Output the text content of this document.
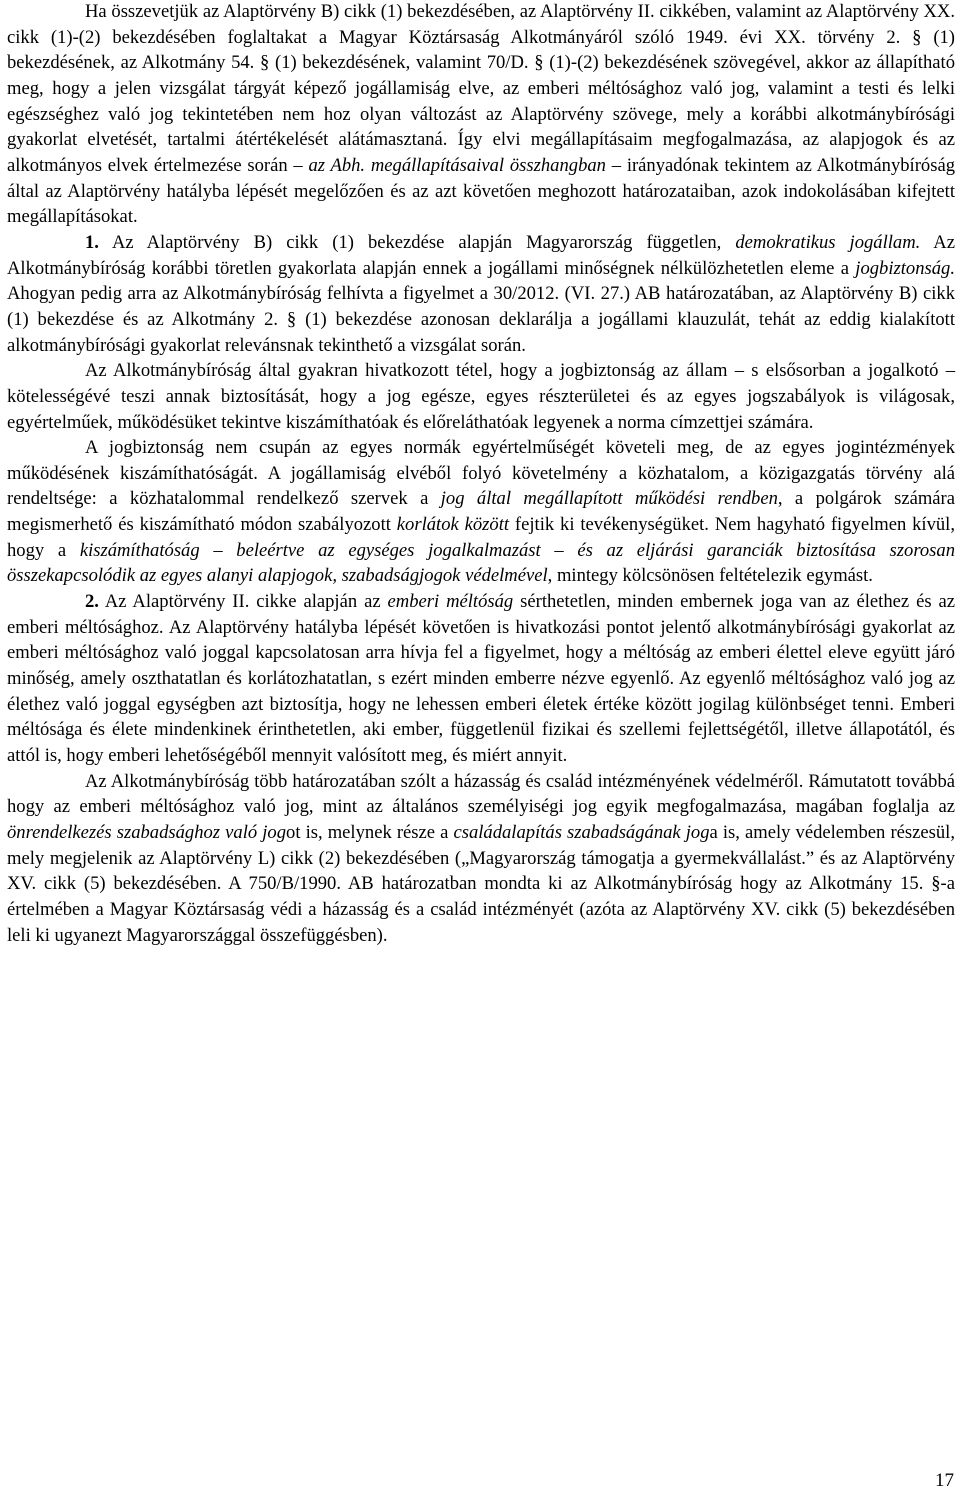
Ha összevetjük az Alaptörvény B) cikk (1) bekezdésében, az Alaptörvény II. cikkében, valamint az Alaptörvény XX. cikk (1)-(2) bekezdésében foglaltakat a Magyar Köztársaság Alkotmányáról szóló 1949. évi XX. törvény 2. § (1) bekezdésének, az Alkotmány 54. § (1) bekezdésének, valamint 70/D. § (1)-(2) bekezdésének szövegével, akkor az állapítható meg, hogy a jelen vizsgálat tárgyát képező jogállamiság elve, az emberi méltósághoz való jog, valamint a testi és lelki egészséghez való jog tekintetében nem hoz olyan változást az Alaptörvény szövege, mely a korábbi alkotmánybírósági gyakorlat elvetését, tartalmi átértékelését alátámasztaná. Így elvi megállapításaim megfogalmazása, az alapjogok és az alkotmányos elvek értelmezése során – az Abh. megállapításaival összhangban – irányadónak tekintem az Alkotmánybíróság által az Alaptörvény hatályba lépését megelőzően és az azt követően meghozott határozataiban, azok indokolásában kifejtett megállapításokat.

1. Az Alaptörvény B) cikk (1) bekezdése alapján Magyarország független, demokratikus jogállam. Az Alkotmánybíróság korábbi töretlen gyakorlata alapján ennek a jogállami minőségnek nélkülözhetetlen eleme a jogbiztonság. Ahogyan pedig arra az Alkotmánybíróság felhívta a figyelmet a 30/2012. (VI. 27.) AB határozatában, az Alaptörvény B) cikk (1) bekezdése és az Alkotmány 2. § (1) bekezdése azonosan deklarálja a jogállami klauzulát, tehát az eddig kialakított alkotmánybírósági gyakorlat relevánsnak tekinthető a vizsgálat során.

Az Alkotmánybíróság által gyakran hivatkozott tétel, hogy a jogbiztonság az állam – s elsősorban a jogalkotó – kötelességévé teszi annak biztosítását, hogy a jog egésze, egyes részterületei és az egyes jogszabályok is világosak, egyértelműek, működésüket tekintve kiszámíthatóak és előreláthatóak legyenek a norma címzettjei számára.

A jogbiztonság nem csupán az egyes normák egyértelműségét követeli meg, de az egyes jogintézmények működésének kiszámíthatóságát. A jogállamiság elvéből folyó követelmény a közhatalom, a közigazgatás törvény alá rendeltsége: a közhatalommal rendelkező szervek a jog által megállapított működési rendben, a polgárok számára megismerhető és kiszámítható módon szabályozott korlátok között fejtik ki tevékenységüket. Nem hagyható figyelmen kívül, hogy a kiszámíthatóság – beleértve az egységes jogalkalmazást – és az eljárási garanciák biztosítása szorosan összekapcsolódik az egyes alanyi alapjogok, szabadságjogok védelmével, mintegy kölcsönösen feltételezik egymást.

2. Az Alaptörvény II. cikke alapján az emberi méltóság sérthetetlen, minden embernek joga van az élethez és az emberi méltósághoz. Az Alaptörvény hatályba lépését követően is hivatkozási pontot jelentő alkotmánybírósági gyakorlat az emberi méltósághoz való joggal kapcsolatosan arra hívja fel a figyelmet, hogy a méltóság az emberi élettel eleve együtt járó minőség, amely oszthatatlan és korlátozhatatlan, s ezért minden emberre nézve egyenlő. Az egyenlő méltósághoz való jog az élethez való joggal egységben azt biztosítja, hogy ne lehessen emberi életek értéke között jogilag különbséget tenni. Emberi méltósága és élete mindenkinek érinthetetlen, aki ember, függetlenül fizikai és szellemi fejlettségétől, illetve állapotától, és attól is, hogy emberi lehetőségéből mennyit valósított meg, és miért annyit.

Az Alkotmánybíróság több határozatában szólt a házasság és család intézményének védelméről. Rámutatott továbbá hogy az emberi méltósághoz való jog, mint az általános személyiségi jog egyik megfogalmazása, magában foglalja az önrendelkezés szabadsághoz való jogot is, melynek része a családalapítás szabadságának joga is, amely védelemben részesül, mely megjelenik az Alaptörvény L) cikk (2) bekezdésében („Magyarország támogatja a gyermekvállalást.” és az Alaptörvény XV. cikk (5) bekezdésében. A 750/B/1990. AB határozatban mondta ki az Alkotmánybíróság hogy az Alkotmány 15. §-a értelmében a Magyar Köztársaság védi a házasság és a család intézményét (azóta az Alaptörvény XV. cikk (5) bekezdésében leli ki ugyanezt Magyarországgal összefüggésben).

17
